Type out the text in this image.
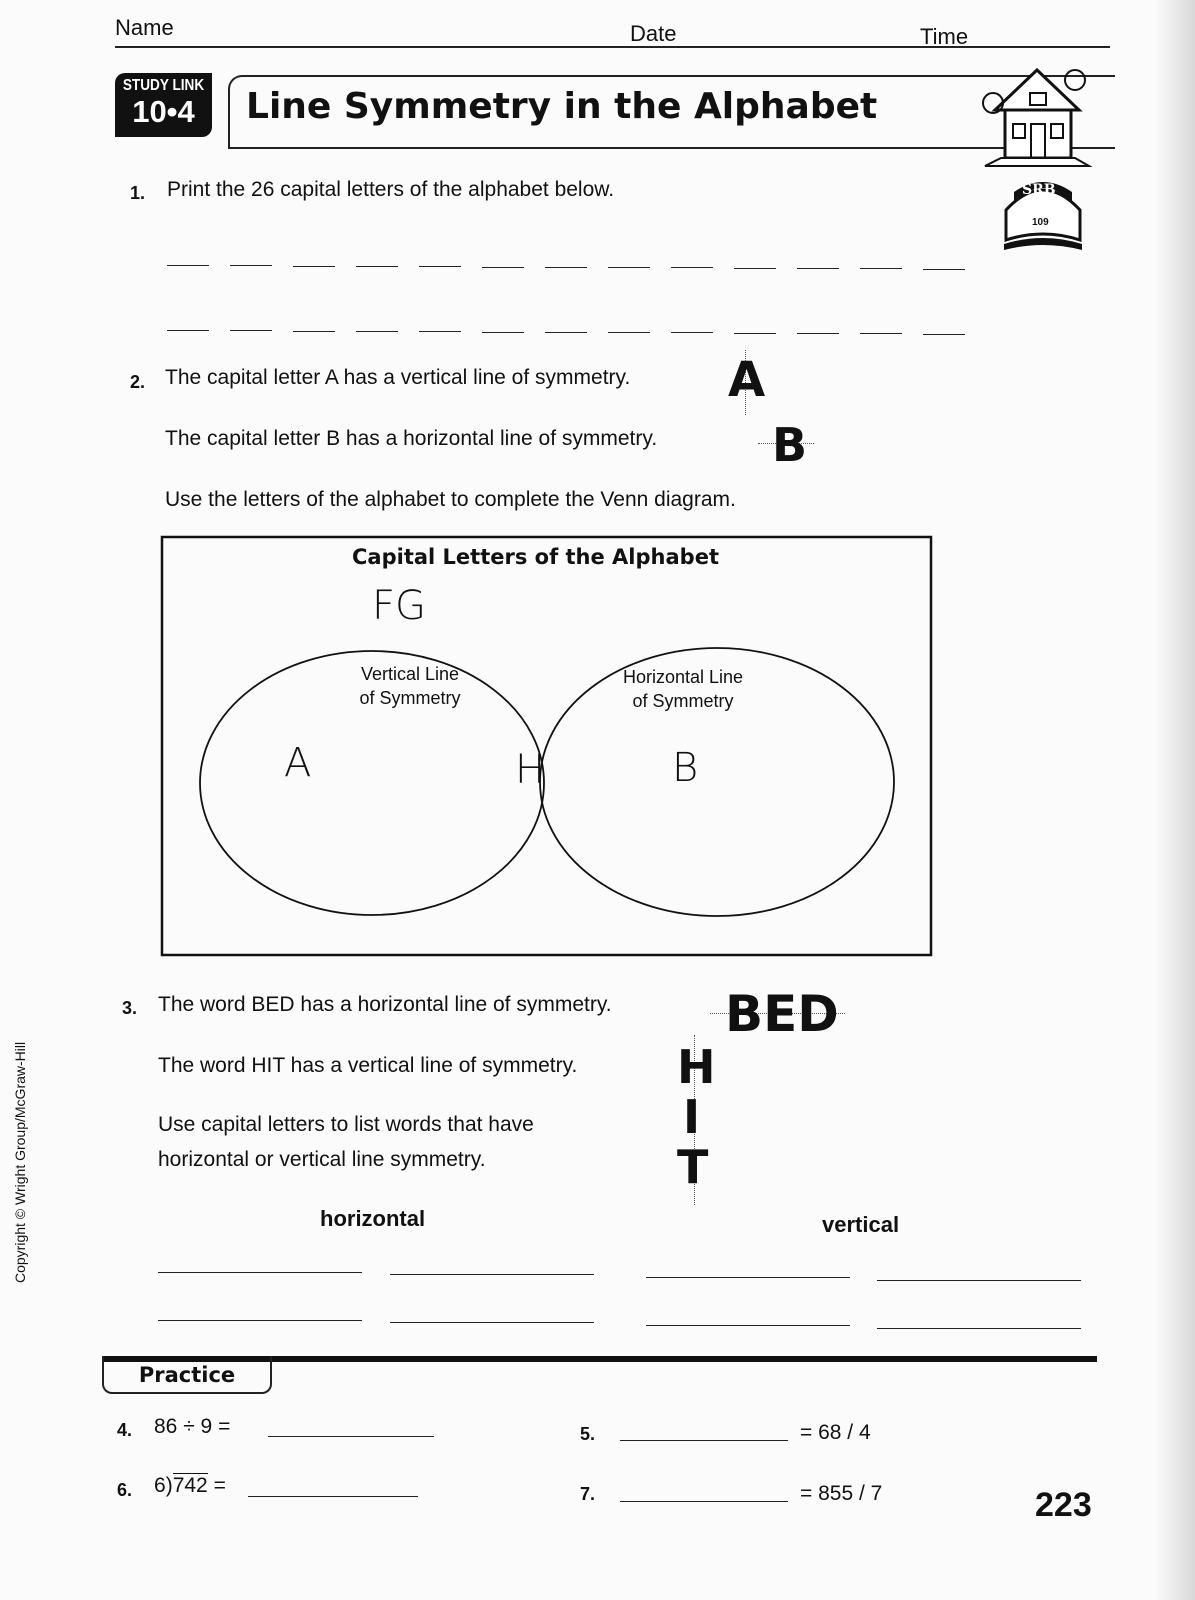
Name	Date	Time
STUDY LINK
10•4	Line Symmetry in the Alphabet
SRB
109
1. Print the 26 capital letters of the alphabet below.
2. The capital letter A has a vertical line of symmetry. A
The capital letter B has a horizontal line of symmetry. B
Use the letters of the alphabet to complete the Venn diagram.
Capital Letters of the Alphabet
FG
Vertical Line
of Symmetry
Horizontal Line
of Symmetry
A	H	B
3. The word BED has a horizontal line of symmetry. BED
The word HIT has a vertical line of symmetry. H
I
T
Use capital letters to list words that have
horizontal or vertical line symmetry.
horizontal	vertical
Practice
4. 86 ÷ 9 =	5.	= 68 / 4
6. 6)742 =	7.	= 855 / 7	223
Copyright © Wright Group/McGraw-Hill
